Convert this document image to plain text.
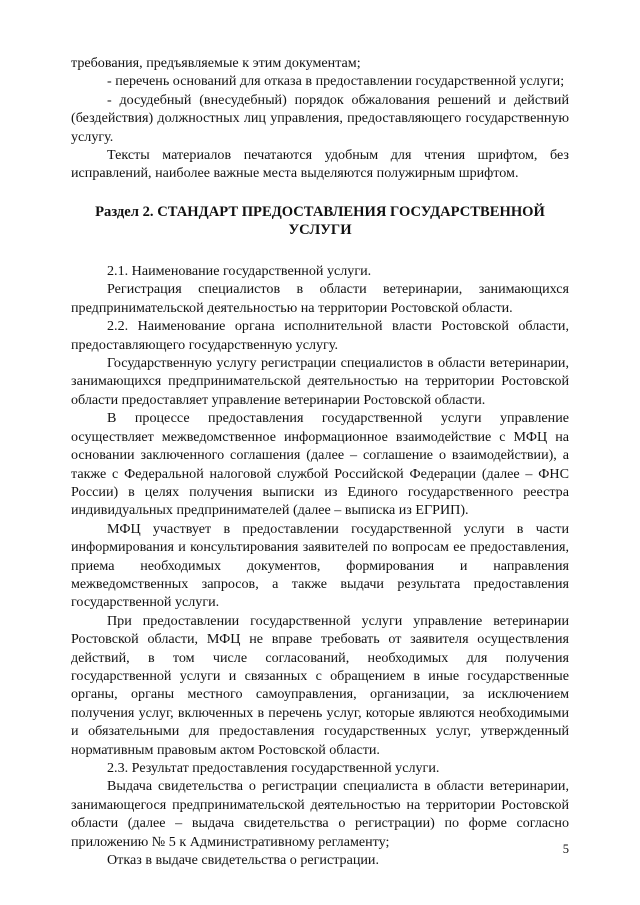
требования, предъявляемые к этим документам;

- перечень оснований для отказа в предоставлении государственной услуги;

- досудебный (внесудебный) порядок обжалования решений и действий (бездействия) должностных лиц управления, предоставляющего государственную услугу.

Тексты материалов печатаются удобным для чтения шрифтом, без исправлений, наиболее важные места выделяются полужирным шрифтом.

Раздел 2. СТАНДАРТ ПРЕДОСТАВЛЕНИЯ ГОСУДАРСТВЕННОЙ УСЛУГИ

2.1. Наименование государственной услуги.

Регистрация специалистов в области ветеринарии, занимающихся предпринимательской деятельностью на территории Ростовской области.

2.2. Наименование органа исполнительной власти Ростовской области, предоставляющего государственную услугу.

Государственную услугу регистрации специалистов в области ветеринарии, занимающихся предпринимательской деятельностью на территории Ростовской области предоставляет управление ветеринарии Ростовской области.

В процессе предоставления государственной услуги управление осуществляет межведомственное информационное взаимодействие с МФЦ на основании заключенного соглашения (далее – соглашение о взаимодействии), а также с Федеральной налоговой службой Российской Федерации (далее – ФНС России) в целях получения выписки из Единого государственного реестра индивидуальных предпринимателей (далее – выписка из ЕГРИП).

МФЦ участвует в предоставлении государственной услуги в части информирования и консультирования заявителей по вопросам ее предоставления, приема необходимых документов, формирования и направления межведомственных запросов, а также выдачи результата предоставления государственной услуги.

При предоставлении государственной услуги управление ветеринарии Ростовской области, МФЦ не вправе требовать от заявителя осуществления действий, в том числе согласований, необходимых для получения государственной услуги и связанных с обращением в иные государственные органы, органы местного самоуправления, организации, за исключением получения услуг, включенных в перечень услуг, которые являются необходимыми и обязательными для предоставления государственных услуг, утвержденный нормативным правовым актом Ростовской области.

2.3. Результат предоставления государственной услуги.

Выдача свидетельства о регистрации специалиста в области ветеринарии, занимающегося предпринимательской деятельностью на территории Ростовской области (далее – выдача свидетельства о регистрации) по форме согласно приложению № 5 к Административному регламенту;

Отказ в выдаче свидетельства о регистрации.

5
